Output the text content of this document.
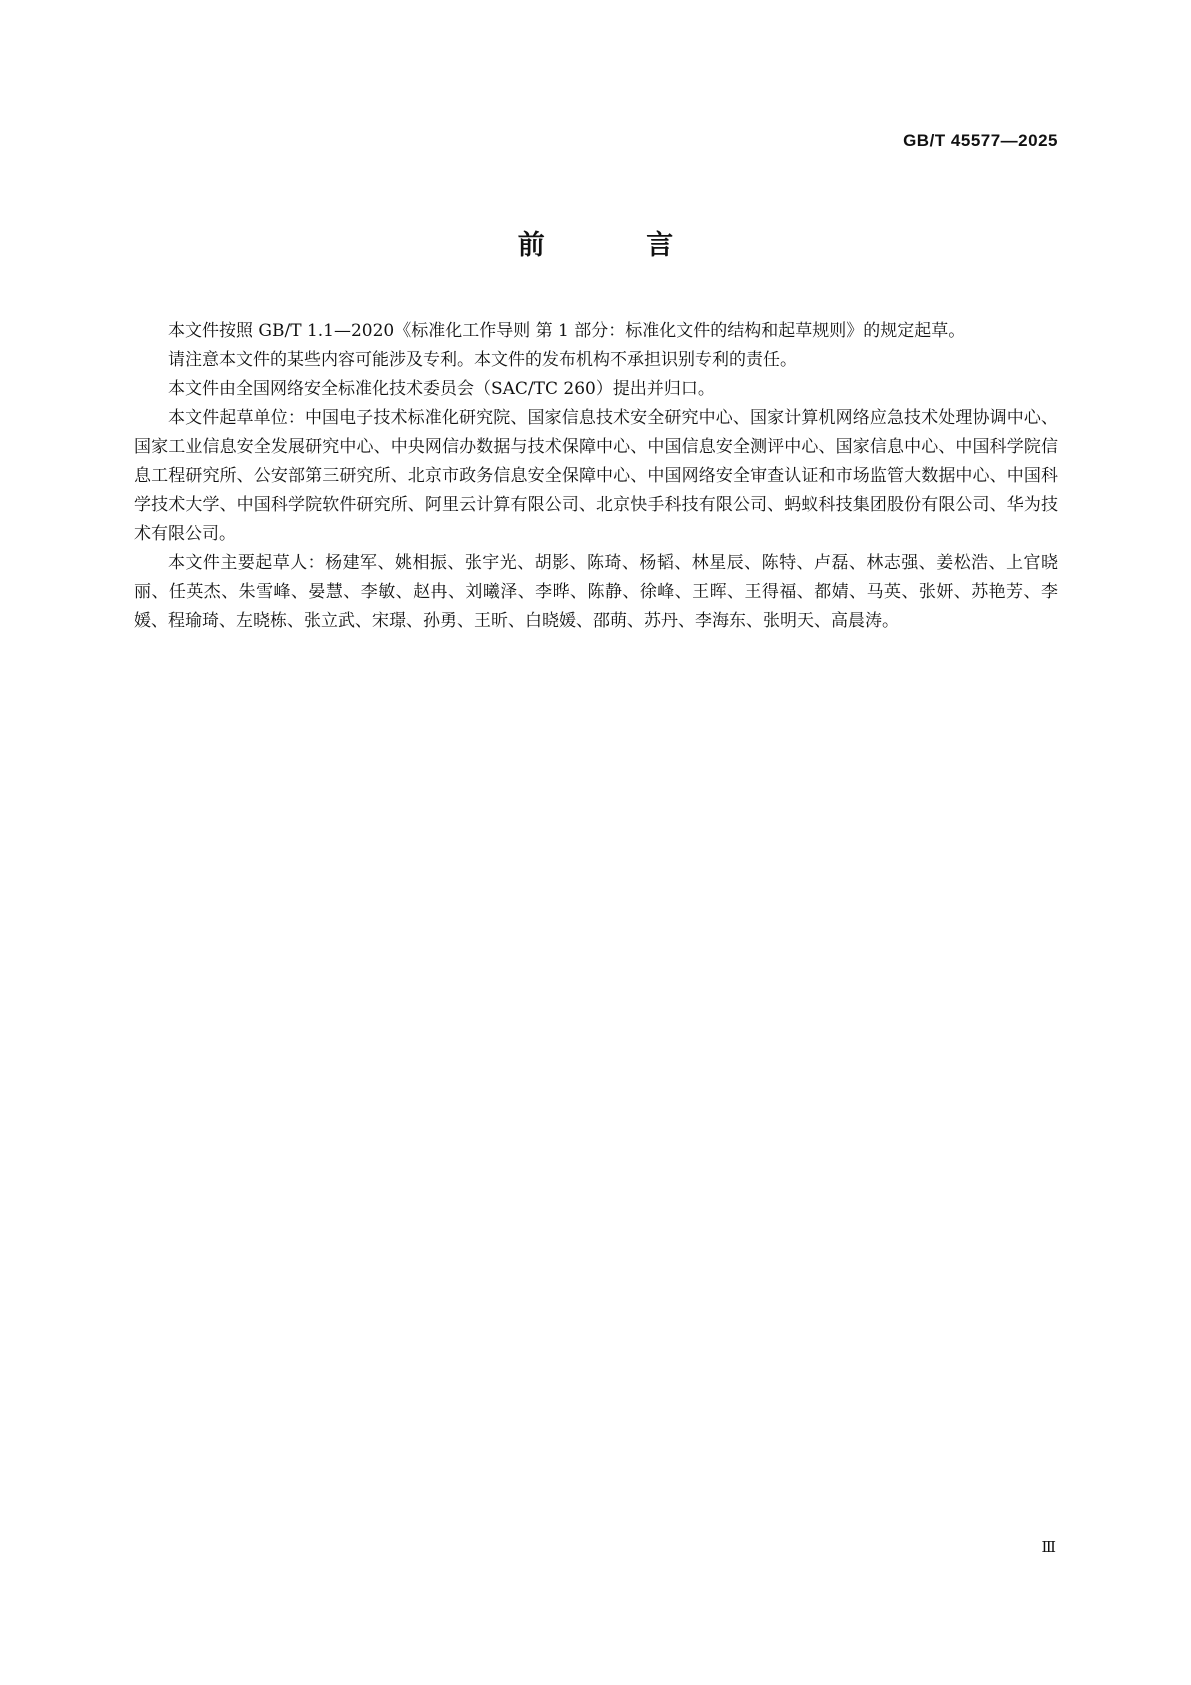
GB/T 45577—2025
前 言

本文件按照 GB/T 1.1—2020《标准化工作导则 第 1 部分：标准化文件的结构和起草规则》的规定起草。

请注意本文件的某些内容可能涉及专利。本文件的发布机构不承担识别专利的责任。

本文件由全国网络安全标准化技术委员会（SAC/TC 260）提出并归口。

本文件起草单位：中国电子技术标准化研究院、国家信息技术安全研究中心、国家计算机网络应急技术处理协调中心、国家工业信息安全发展研究中心、中央网信办数据与技术保障中心、中国信息安全测评中心、国家信息中心、中国科学院信息工程研究所、公安部第三研究所、北京市政务信息安全保障中心、中国网络安全审查认证和市场监管大数据中心、中国科学技术大学、中国科学院软件研究所、阿里云计算有限公司、北京快手科技有限公司、蚂蚁科技集团股份有限公司、华为技术有限公司。

本文件主要起草人：杨建军、姚相振、张宇光、胡影、陈琦、杨韬、林星辰、陈特、卢磊、林志强、姜松浩、上官晓丽、任英杰、朱雪峰、晏慧、李敏、赵冉、刘曦泽、李晔、陈静、徐峰、王晖、王得福、都婧、马英、张妍、苏艳芳、李媛、程瑜琦、左晓栋、张立武、宋璟、孙勇、王昕、白晓媛、邵萌、苏丹、李海东、张明天、高晨涛。

Ⅲ
